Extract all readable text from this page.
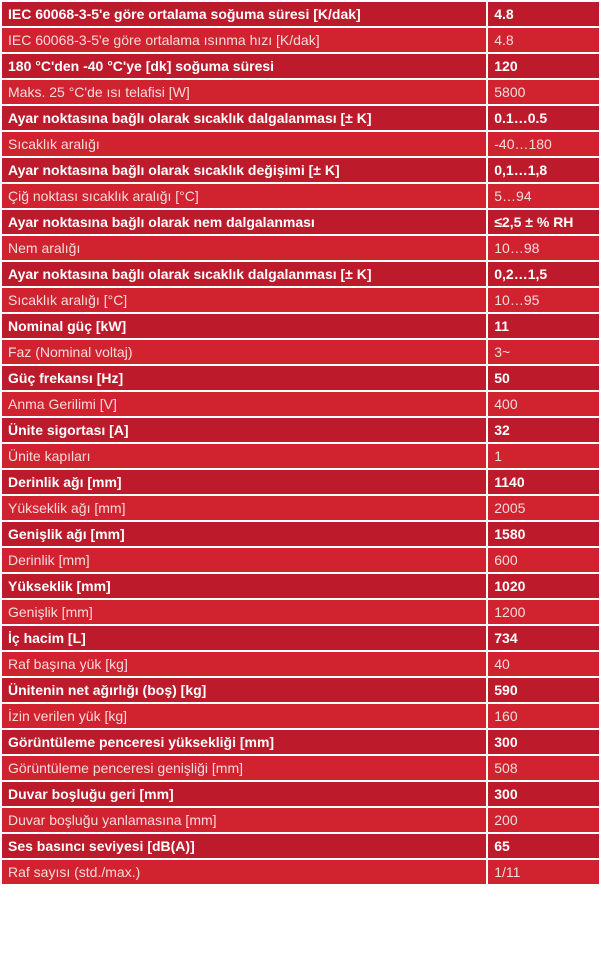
IEC 60068-3-5'e göre ortalama soğuma süresi [K/dak]	4.8
IEC 60068-3-5'e göre ortalama ısınma hızı [K/dak]	4.8
180 °C'den -40 °C'ye [dk] soğuma süresi	120
Maks. 25 °C'de ısı telafisi [W]	5800
Ayar noktasına bağlı olarak sıcaklık dalgalanması [± K]	0.1…0.5
Sıcaklık aralığı	-40…180
Ayar noktasına bağlı olarak sıcaklık değişimi [± K]	0,1…1,8
Çiğ noktası sıcaklık aralığı [°C]	5…94
Ayar noktasına bağlı olarak nem dalgalanması	≤2,5 ± % RH
Nem aralığı	10…98
Ayar noktasına bağlı olarak sıcaklık dalgalanması [± K]	0,2…1,5
Sıcaklık aralığı [°C]	10…95
Nominal güç [kW]	11
Faz (Nominal voltaj)	3~
Güç frekansı [Hz]	50
Anma Gerilimi [V]	400
Ünite sigortası [A]	32
Ünite kapıları	1
Derinlik ağı [mm]	1140
Yükseklik ağı [mm]	2005
Genişlik ağı [mm]	1580
Derinlik [mm]	600
Yükseklik [mm]	1020
Genişlik [mm]	1200
İç hacim [L]	734
Raf başına yük [kg]	40
Ünitenin net ağırlığı (boş) [kg]	590
İzin verilen yük [kg]	160
Görüntüleme penceresi yüksekliği [mm]	300
Görüntüleme penceresi genişliği [mm]	508
Duvar boşluğu geri [mm]	300
Duvar boşluğu yanlamasına [mm]	200
Ses basıncı seviyesi [dB(A)]	65
Raf sayısı (std./max.)	1/11
